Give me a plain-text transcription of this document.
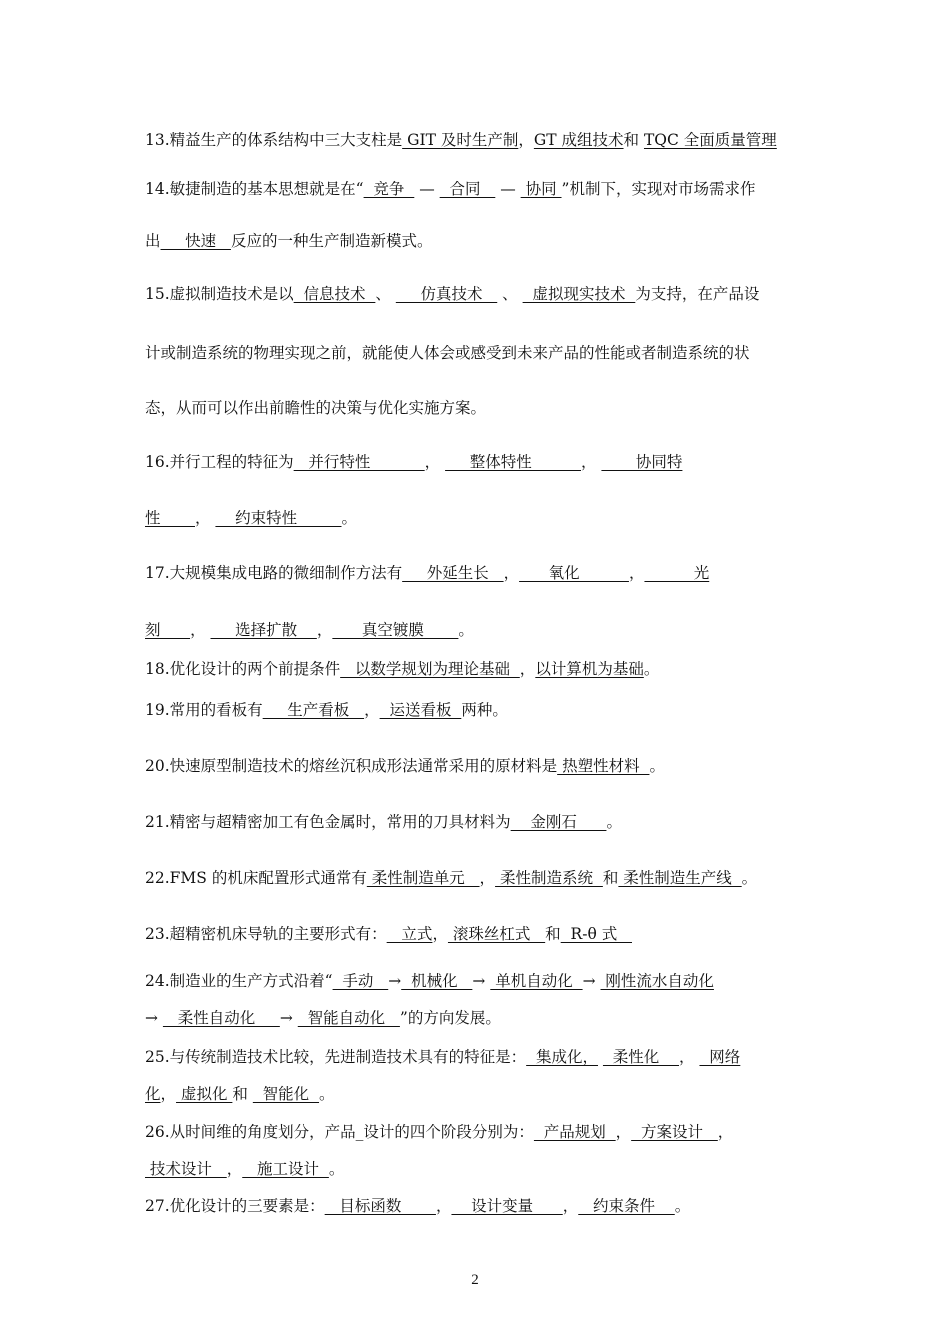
13.精益生产的体系结构中三大支柱是 GIT 及时生产制，GT 成组技术和 TQC 全面质量管理
14.敏捷制造的基本思想就是在“  竞争   —   合同    —  协同 ”机制下，实现对市场需求作
出     快速   反应的一种生产制造新模式。
15.虚拟制造技术是以  信息技术  、      仿真技术    、   虚拟现实技术  为支持，在产品设
计或制造系统的物理实现之前，就能使人体会或感受到未来产品的性能或者制造系统的状
态，从而可以作出前瞻性的决策与优化实施方案。
16.并行工程的特征为   并行特性           ，      整体特性          ，        协同特
性       ，     约束特性         。
17.大规模集成电路的微细制作方法有     外延生长   ，      氧化          ，          光
刻      ，      选择扩散    ，      真空镀膜       。
18.优化设计的两个前提条件   以数学规划为理论基础  ，以计算机为基础。
19.常用的看板有     生产看板   ，  运送看板  两种。
20.快速原型制造技术的熔丝沉积成形法通常采用的原材料是 热塑性材料  。
21.精密与超精密加工有色金属时，常用的刀具材料为    金刚石      。
22.FMS 的机床配置形式通常有 柔性制造单元   ， 柔性制造系统  和 柔性制造生产线  。
23.超精密机床导轨的主要形式有：   立式， 滚珠丝杠式   和  R-θ 式
24.制造业的生产方式沿着“  手动   →  机械化   →  单机自动化  →  刚性流水自动化
→    柔性自动化     →   智能自动化   ”的方向发展。
25.与传统制造技术比较，先进制造技术具有的特征是：  集成化，   柔性化    ，   网络
化， 虚拟化 和   智能化  。
26.从时间维的角度划分，产品_设计的四个阶段分别为：  产品规划  ，  方案设计   ，
技术设计   ，   施工设计  。
27.优化设计的三要素是：   目标函数       ，    设计变量      ，   约束条件    。
2
